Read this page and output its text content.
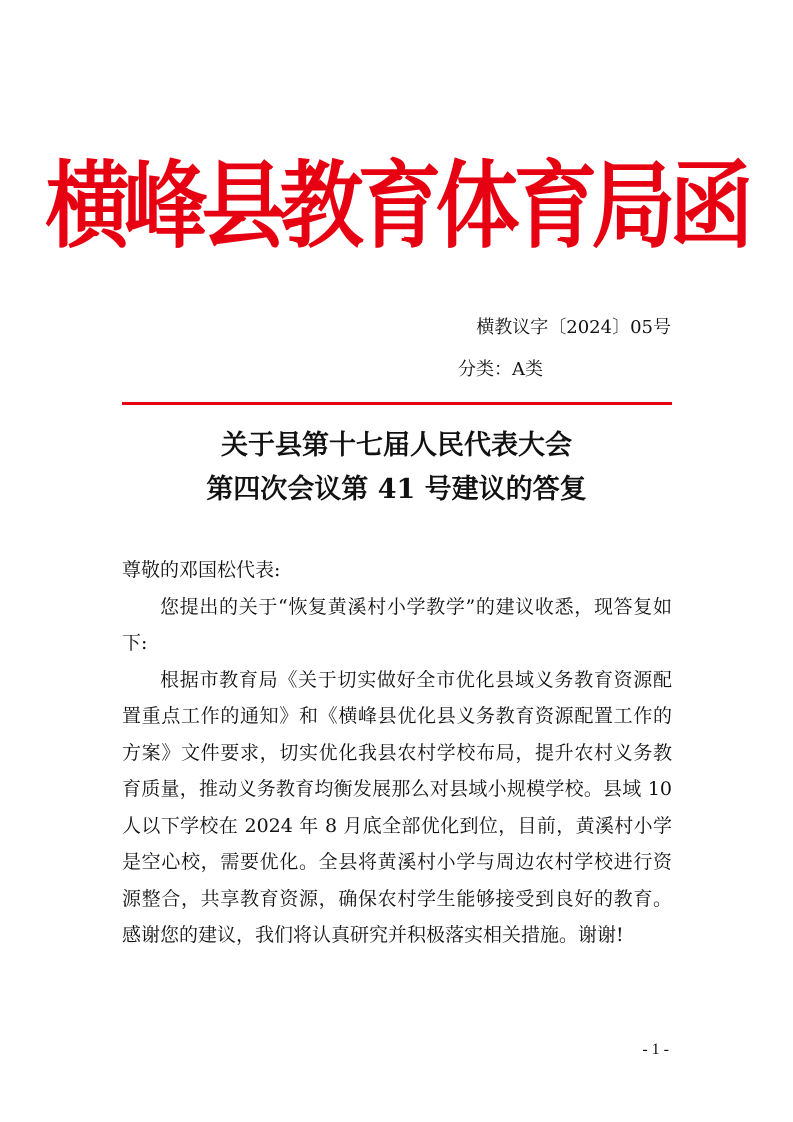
横峰县教育体育局函
横教议字〔2024〕05号
分类：A类
关于县第十七届人民代表大会
第四次会议第 41 号建议的答复

尊敬的邓国松代表:

您提出的关于“恢复黄溪村小学教学”的建议收悉，现答复如下:

根据市教育局《关于切实做好全市优化县域义务教育资源配置重点工作的通知》和《横峰县优化县义务教育资源配置工作的方案》文件要求，切实优化我县农村学校布局，提升农村义务教育质量，推动义务教育均衡发展那么对县域小规模学校。县域 10 人以下学校在 2024 年 8 月底全部优化到位，目前，黄溪村小学是空心校，需要优化。全县将黄溪村小学与周边农村学校进行资源整合，共享教育资源，确保农村学生能够接受到良好的教育。感谢您的建议，我们将认真研究并积极落实相关措施。谢谢!

- 1 -
